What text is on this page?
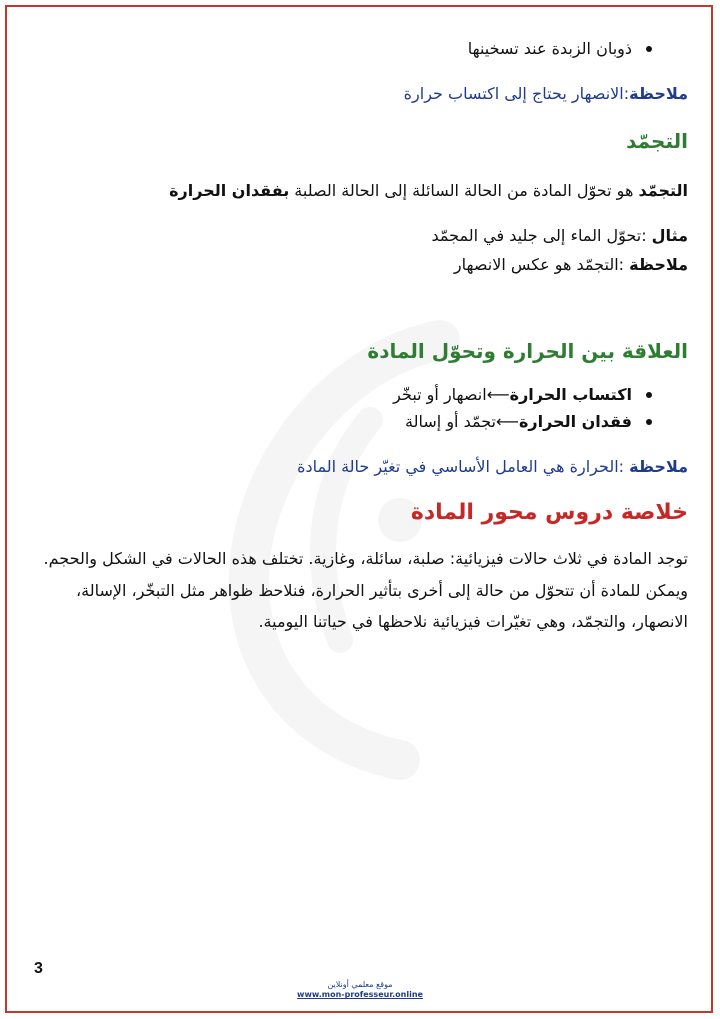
ذوبان الزبدة عند تسخينها

ملاحظة:الانصهار يحتاج إلى اكتساب حرارة

التجمّد

التجمّد هو تحوّل المادة من الحالة السائلة إلى الحالة الصلبة بفقدان الحرارة

مثال :تحوّل الماء إلى جليد في المجمّد

ملاحظة :التجمّد هو عكس الانصهار

العلاقة بين الحرارة وتحوّل المادة
اكتساب الحرارة
⟵
انصهار أو تبخّر
فقدان الحرارة
⟵
تجمّد أو إسالة

ملاحظة :الحرارة هي العامل الأساسي في تغيّر حالة المادة

خلاصة دروس محور المادة

توجد المادة في ثلاث حالات فيزيائية: صلبة، سائلة، وغازية. تختلف هذه الحالات في الشكل والحجم. ويمكن للمادة أن تتحوّل من حالة إلى أخرى بتأثير الحرارة، فنلاحظ ظواهر مثل التبخّر، الإسالة، الانصهار، والتجمّد، وهي تغيّرات فيزيائية نلاحظها في حياتنا اليومية.

3
موقع معلمي أونلاين
www.mon-professeur.online
